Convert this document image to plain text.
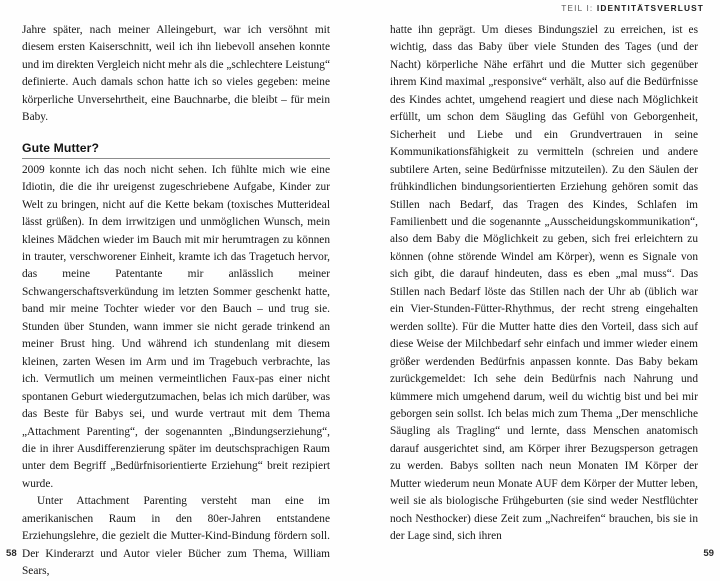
TEIL I: IDENTITÄTSVERLUST

Jahre später, nach meiner Alleingeburt, war ich versöhnt mit diesem ersten Kaiserschnitt, weil ich ihn liebevoll ansehen konnte und im direkten Vergleich nicht mehr als die „schlechtere Leistung“ definierte. Auch damals schon hatte ich so vieles gegeben: meine körperliche Unversehrtheit, eine Bauchnarbe, die bleibt – für mein Baby.

Gute Mutter?

2009 konnte ich das noch nicht sehen. Ich fühlte mich wie eine Idiotin, die die ihr ureigenst zugeschriebene Aufgabe, Kinder zur Welt zu bringen, nicht auf die Kette bekam (toxisches Mutterideal lässt grüßen). In dem irrwitzigen und unmöglichen Wunsch, mein kleines Mädchen wieder im Bauch mit mir herumtragen zu können in trauter, verschworener Einheit, kramte ich das Tragetuch hervor, das meine Patentante mir anlässlich meiner Schwangerschaftsverkündung im letzten Sommer geschenkt hatte, band mir meine Tochter wieder vor den Bauch – und trug sie. Stunden über Stunden, wann immer sie nicht gerade trinkend an meiner Brust hing. Und während ich stundenlang mit diesem kleinen, zarten Wesen im Arm und im Tragebuch verbrachte, las ich. Vermutlich um meinen vermeintlichen Faux-pas einer nicht spontanen Geburt wiedergutzumachen, belas ich mich darüber, was das Beste für Babys sei, und wurde vertraut mit dem Thema „Attachment Parenting“, der sogenannten „Bindungserziehung“, die in ihrer Ausdifferenzierung später im deutschsprachigen Raum unter dem Begriff „Bedürfnisorientierte Erziehung“ breit rezipiert wurde.

Unter Attachment Parenting versteht man eine im amerikanischen Raum in den 80er-Jahren entstandene Erziehungslehre, die gezielt die Mutter-Kind-Bindung fördern soll. Der Kinderarzt und Autor vieler Bücher zum Thema, William Sears,

hatte ihn geprägt. Um dieses Bindungsziel zu erreichen, ist es wichtig, dass das Baby über viele Stunden des Tages (und der Nacht) körperliche Nähe erfährt und die Mutter sich gegenüber ihrem Kind maximal „responsive“ verhält, also auf die Bedürfnisse des Kindes achtet, umgehend reagiert und diese nach Möglichkeit erfüllt, um schon dem Säugling das Gefühl von Geborgenheit, Sicherheit und Liebe und ein Grundvertrauen in seine Kommunikationsfähigkeit zu vermitteln (schreien und andere subtilere Arten, seine Bedürfnisse mitzuteilen). Zu den Säulen der frühkindlichen bindungsorientierten Erziehung gehören somit das Stillen nach Bedarf, das Tragen des Kindes, Schlafen im Familienbett und die sogenannte „Ausscheidungskommunikation“, also dem Baby die Möglichkeit zu geben, sich frei erleichtern zu können (ohne störende Windel am Körper), wenn es Signale von sich gibt, die darauf hindeuten, dass es eben „mal muss“. Das Stillen nach Bedarf löste das Stillen nach der Uhr ab (üblich war ein Vier-Stunden-Fütter-Rhythmus, der recht streng eingehalten werden sollte). Für die Mutter hatte dies den Vorteil, dass sich auf diese Weise der Milchbedarf sehr einfach und immer wieder einem größer werdenden Bedürfnis anpassen konnte. Das Baby bekam zurückgemeldet: Ich sehe dein Bedürfnis nach Nahrung und kümmere mich umgehend darum, weil du wichtig bist und bei mir geborgen sein sollst. Ich belas mich zum Thema „Der menschliche Säugling als Tragling“ und lernte, dass Menschen anatomisch darauf ausgerichtet sind, am Körper ihrer Bezugsperson getragen zu werden. Babys sollten nach neun Monaten IM Körper der Mutter wiederum neun Monate AUF dem Körper der Mutter leben, weil sie als biologische Frühgeburten (sie sind weder Nestflüchter noch Nesthocker) diese Zeit zum „Nachreifen“ brauchen, bis sie in der Lage sind, sich ihren

58	59
